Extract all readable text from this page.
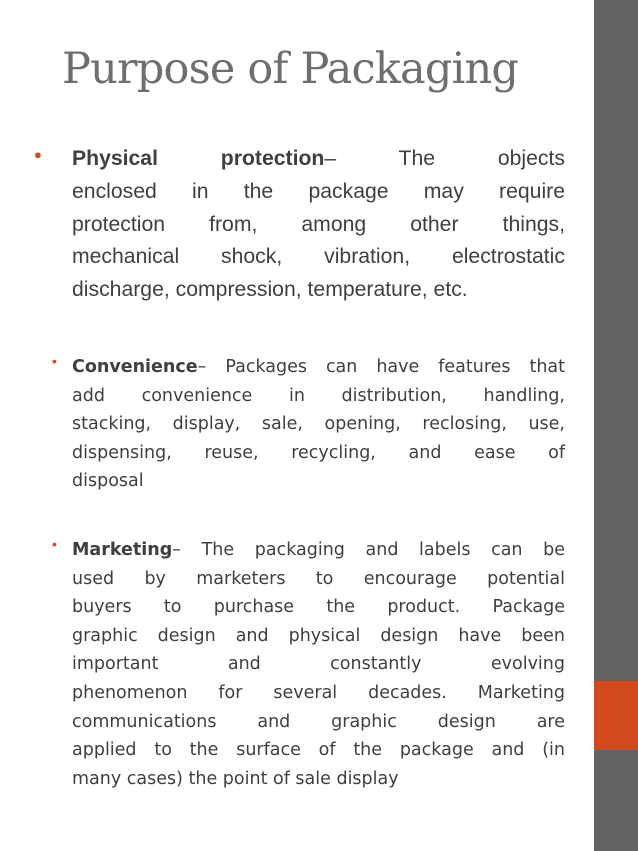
Purpose of Packaging
● Physical protection– The objects
enclosed in the package may require
protection from, among other things,
mechanical shock, vibration, electrostatic
discharge, compression, temperature, etc.
• Convenience– Packages can have features that
add convenience in distribution, handling,
stacking, display, sale, opening, reclosing, use,
dispensing, reuse, recycling, and ease of
disposal
• Marketing– The packaging and labels can be
used by marketers to encourage potential
buyers to purchase the product. Package
graphic design and physical design have been
important and constantly evolving
phenomenon for several decades. Marketing
communications and graphic design are
applied to the surface of the package and (in
many cases) the point of sale display
